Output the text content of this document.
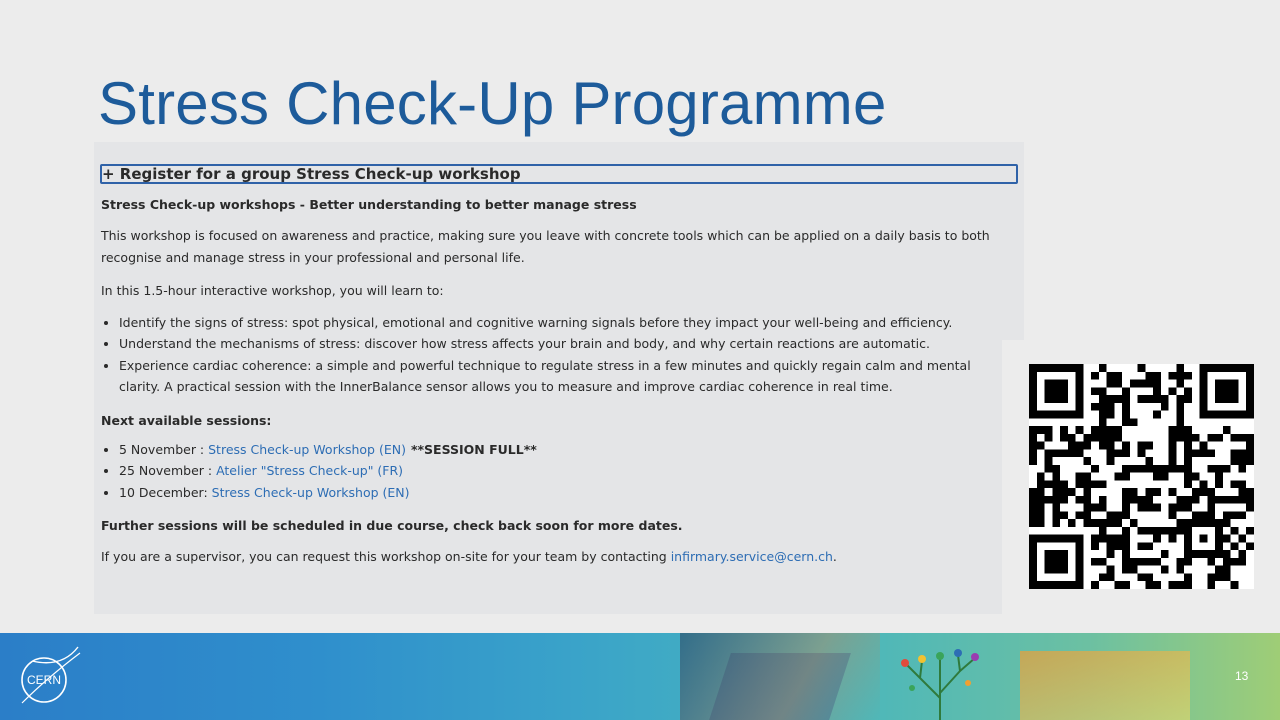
Stress Check-Up Programme
+ Register for a group Stress Check-up workshop
Stress Check-up workshops - Better understanding to better manage stress
This workshop is focused on awareness and practice, making sure you leave with concrete tools which can be applied on a daily basis to both recognise and manage stress in your professional and personal life.
In this 1.5-hour interactive workshop, you will learn to:
• Identify the signs of stress: spot physical, emotional and cognitive warning signals before they impact your well-being and efficiency.
• Understand the mechanisms of stress: discover how stress affects your brain and body, and why certain reactions are automatic.
• Experience cardiac coherence: a simple and powerful technique to regulate stress in a few minutes and quickly regain calm and mental clarity. A practical session with the InnerBalance sensor allows you to measure and improve cardiac coherence in real time.
Next available sessions:
• 5 November : Stress Check-up Workshop (EN) **SESSION FULL**
• 25 November : Atelier "Stress Check-up" (FR)
• 10 December: Stress Check-up Workshop (EN)
Further sessions will be scheduled in due course, check back soon for more dates.
If you are a supervisor, you can request this workshop on-site for your team by contacting infirmary.service@cern.ch.
CERN	13
